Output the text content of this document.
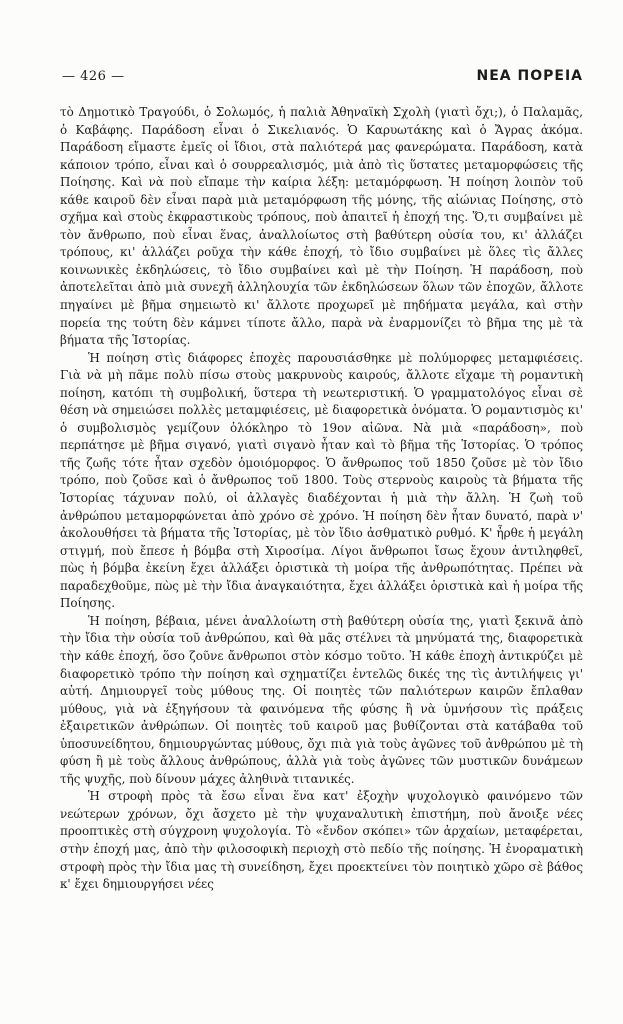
— 426 —	ΝΕΑ ΠΟΡΕΙΑ

τὸ Δημοτικὸ Τραγούδι, ὁ Σολωμός, ἡ παλιὰ Ἀθηναϊκὴ Σχολὴ (γιατὶ ὄχι;), ὁ Παλαμᾶς, ὁ Καβάφης. Παράδοση εἶναι ὁ Σικελιανός. Ὁ Καρυωτάκης καὶ ὁ Ἄγρας ἀκόμα. Παράδοση εἴμαστε ἐμεῖς οἱ ἴδιοι, στὰ παλιότερά μας φανερώματα. Παράδοση, κατὰ κάποιον τρόπο, εἶναι καὶ ὁ σουρρεαλισμός, μιὰ ἀπὸ τὶς ὕστατες μεταμορφώσεις τῆς Ποίησης. Καὶ νὰ ποὺ εἴπαμε τὴν καίρια λέξη: μεταμόρφωση. Ἡ ποίηση λοιπὸν τοῦ κάθε καιροῦ δὲν εἶναι παρὰ μιὰ μεταμόρφωση τῆς μόνης, τῆς αἰώνιας Ποίησης, στὸ σχῆμα καὶ στοὺς ἐκφραστικοὺς τρόπους, ποὺ ἀπαιτεῖ ἡ ἐποχή της. Ὅ,τι συμβαίνει μὲ τὸν ἄνθρωπο, ποὺ εἶναι ἕνας, ἀναλλοίωτος στὴ βαθύτερη οὐσία του, κι' ἀλλάζει τρόπους, κι' ἀλλάζει ροῦχα τὴν κάθε ἐποχή, τὸ ἴδιο συμβαίνει μὲ ὅλες τὶς ἄλλες κοινωνικὲς ἐκδηλώσεις, τὸ ἴδιο συμβαίνει καὶ μὲ τὴν Ποίηση. Ἡ παράδοση, ποὺ ἀποτελεῖται ἀπὸ μιὰ συνεχῆ ἀλληλουχία τῶν ἐκδηλώσεων ὅλων τῶν ἐποχῶν, ἄλλοτε πηγαίνει μὲ βῆμα σημειωτὸ κι' ἄλλοτε προχωρεῖ μὲ πηδήματα μεγάλα, καὶ στὴν πορεία της τούτη δὲν κάμνει τίποτε ἄλλο, παρὰ νὰ ἐναρμονίζει τὸ βῆμα της μὲ τὰ βήματα τῆς Ἱστορίας.

Ἡ ποίηση στὶς διάφορες ἐποχὲς παρουσιάσθηκε μὲ πολύμορφες μεταμφιέσεις. Γιὰ νὰ μὴ πᾶμε πολὺ πίσω στοὺς μακρυνοὺς καιρούς, ἄλλοτε εἴχαμε τὴ ρομαντικὴ ποίηση, κατόπι τὴ συμβολική, ὕστερα τὴ νεωτεριστική. Ὁ γραμματολόγος εἶναι σὲ θέση νὰ σημειώσει πολλὲς μεταμφιέσεις, μὲ διαφορετικὰ ὀνόματα. Ὁ ρομαντισμὸς κι' ὁ συμβολισμὸς γεμίζουν ὁλόκληρο τὸ 19ον αἰῶνα. Νὰ μιὰ «παράδοση», ποὺ περπάτησε μὲ βῆμα σιγανό, γιατὶ σιγανὸ ἦταν καὶ τὸ βῆμα τῆς Ἱστορίας. Ὁ τρόπος τῆς ζωῆς τότε ἦταν σχεδὸν ὁμοιόμορφος. Ὁ ἄνθρωπος τοῦ 1850 ζοῦσε μὲ τὸν ἴδιο τρόπο, ποὺ ζοῦσε καὶ ὁ ἄνθρωπος τοῦ 1800. Τοὺς στερνοὺς καιροὺς τὰ βήματα τῆς Ἱστορίας τάχυναν πολύ, οἱ ἀλλαγὲς διαδέχονται ἡ μιὰ τὴν ἄλλη. Ἡ ζωὴ τοῦ ἀνθρώπου μεταμορφώνεται ἀπὸ χρόνο σὲ χρόνο. Ἡ ποίηση δὲν ἦταν δυνατό, παρὰ ν' ἀκολουθήσει τὰ βήματα τῆς Ἱστορίας, μὲ τὸν ἴδιο ἀσθματικὸ ρυθμό. Κ' ἦρθε ἡ μεγάλη στιγμή, ποὺ ἔπεσε ἡ βόμβα στὴ Χιροσίμα. Λίγοι ἄνθρωποι ἴσως ἔχουν ἀντιληφθεῖ, πὼς ἡ βόμβα ἐκείνη ἔχει ἀλλάξει ὁριστικὰ τὴ μοίρα τῆς ἀνθρωπότητας. Πρέπει νὰ παραδεχθοῦμε, πὼς μὲ τὴν ἴδια ἀναγκαιότητα, ἔχει ἀλλάξει ὁριστικὰ καὶ ἡ μοίρα τῆς Ποίησης.

Ἡ ποίηση, βέβαια, μένει ἀναλλοίωτη στὴ βαθύτερη οὐσία της, γιατὶ ξεκινᾶ ἀπὸ τὴν ἴδια τὴν οὐσία τοῦ ἀνθρώπου, καὶ θὰ μᾶς στέλνει τὰ μηνύματά της, διαφορετικὰ τὴν κάθε ἐποχή, ὅσο ζοῦνε ἄνθρωποι στὸν κόσμο τοῦτο. Ἡ κάθε ἐποχὴ ἀντικρύζει μὲ διαφορετικὸ τρόπο τὴν ποίηση καὶ σχηματίζει ἐντελῶς δικές της τὶς ἀντιλήψεις γι' αὐτή. Δημιουργεῖ τοὺς μύθους της. Οἱ ποιητὲς τῶν παλιότερων καιρῶν ἔπλαθαν μύθους, γιὰ νὰ ἐξηγήσουν τὰ φαινόμενα τῆς φύσης ἢ νὰ ὑμνήσουν τὶς πράξεις ἐξαιρετικῶν ἀνθρώπων. Οἱ ποιητὲς τοῦ καιροῦ μας βυθίζονται στὰ κατάβαθα τοῦ ὑποσυνείδητου, δημιουργώντας μύθους, ὄχι πιὰ γιὰ τοὺς ἀγῶνες τοῦ ἀνθρώπου μὲ τὴ φύση ἢ μὲ τοὺς ἄλλους ἀνθρώπους, ἀλλὰ γιὰ τοὺς ἀγῶνες τῶν μυστικῶν δυνάμεων τῆς ψυχῆς, ποὺ δίνουν μάχες ἀληθινὰ τιτανικές.

Ἡ στροφὴ πρὸς τὰ ἔσω εἶναι ἕνα κατ' ἐξοχὴν ψυχολογικὸ φαινόμενο τῶν νεώτερων χρόνων, ὄχι ἄσχετο μὲ τὴν ψυχαναλυτικὴ ἐπιστήμη, ποὺ ἄνοιξε νέες προοπτικὲς στὴ σύγχρονη ψυχολογία. Τὸ «ἔνδον σκόπει» τῶν ἀρχαίων, μεταφέρεται, στὴν ἐποχή μας, ἀπὸ τὴν φιλοσοφικὴ περιοχὴ στὸ πεδίο τῆς ποίησης. Ἡ ἐνοραματικὴ στροφὴ πρὸς τὴν ἴδια μας τὴ συνείδηση, ἔχει προεκτείνει τὸν ποιητικὸ χῶρο σὲ βάθος κ' ἔχει δημιουργήσει νέες
